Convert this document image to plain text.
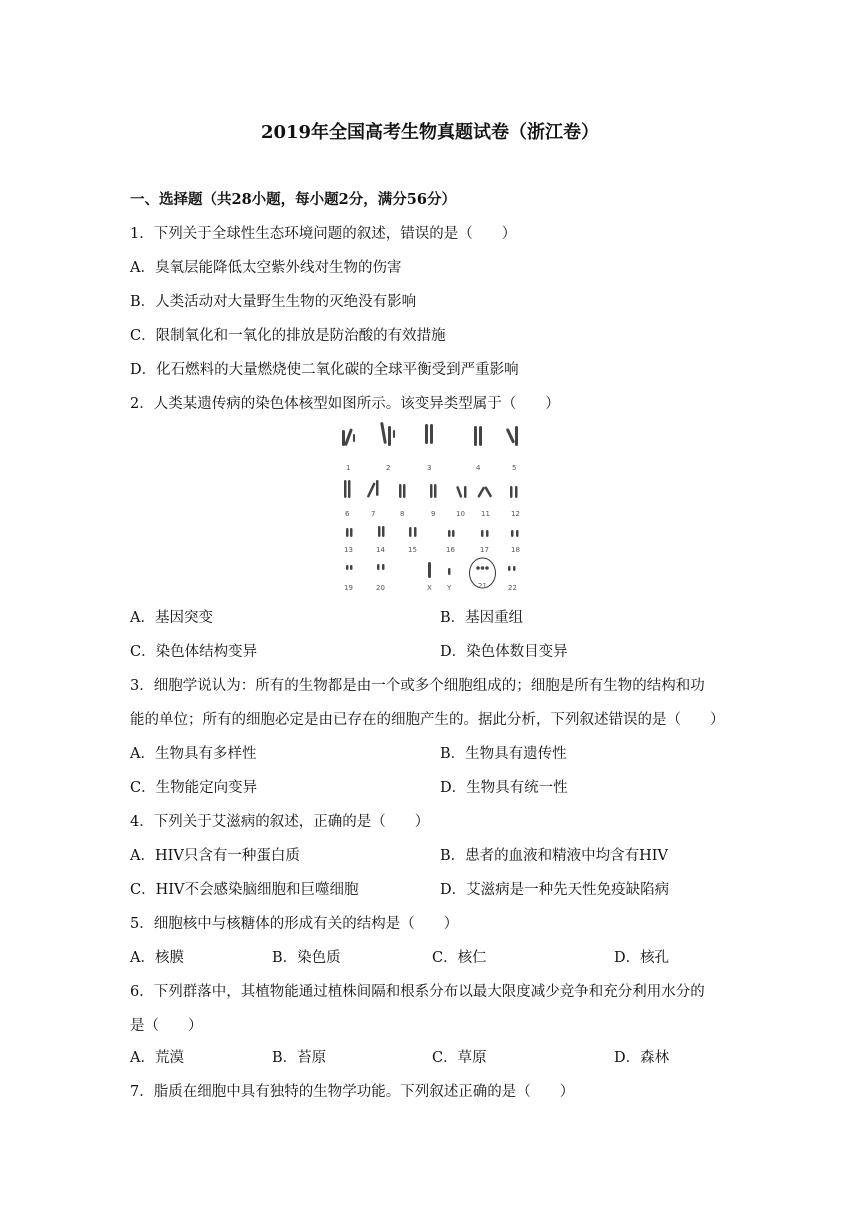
2019年全国高考生物真题试卷（浙江卷）
一、选择题（共28小题，每小题2分，满分56分）
1．下列关于全球性生态环境问题的叙述，错误的是（　　）
A．臭氧层能降低太空紫外线对生物的伤害
B．人类活动对大量野生生物的灭绝没有影响
C．限制氧化和一氧化的排放是防治酸的有效措施
D．化石燃料的大量燃烧使二氧化碳的全球平衡受到严重影响
2．人类某遗传病的染色体核型如图所示。该变异类型属于（　　）
1	2	3	4	5
6	7	8	9	10 11	12
13	14	15	16	17	18
19	20	X Y	21	22
A．基因突变	B．基因重组
C．染色体结构变异	D．染色体数目变异
3．细胞学说认为：所有的生物都是由一个或多个细胞组成的；细胞是所有生物的结构和功
能的单位；所有的细胞必定是由已存在的细胞产生的。据此分析，下列叙述错误的是（　　）
A．生物具有多样性	B．生物具有遗传性
C．生物能定向变异	D．生物具有统一性
4．下列关于艾滋病的叙述，正确的是（　　）
A．HIV只含有一种蛋白质	B．患者的血液和精液中均含有HIV
C．HIV不会感染脑细胞和巨噬细胞	D．艾滋病是一种先天性免疫缺陷病
5．细胞核中与核糖体的形成有关的结构是（　　）
A．核膜	B．染色质	C．核仁	D．核孔
6．下列群落中，其植物能通过植株间隔和根系分布以最大限度减少竞争和充分利用水分的
是（　　）
A．荒漠	B．苔原	C．草原	D．森林
7．脂质在细胞中具有独特的生物学功能。下列叙述正确的是（　　）
